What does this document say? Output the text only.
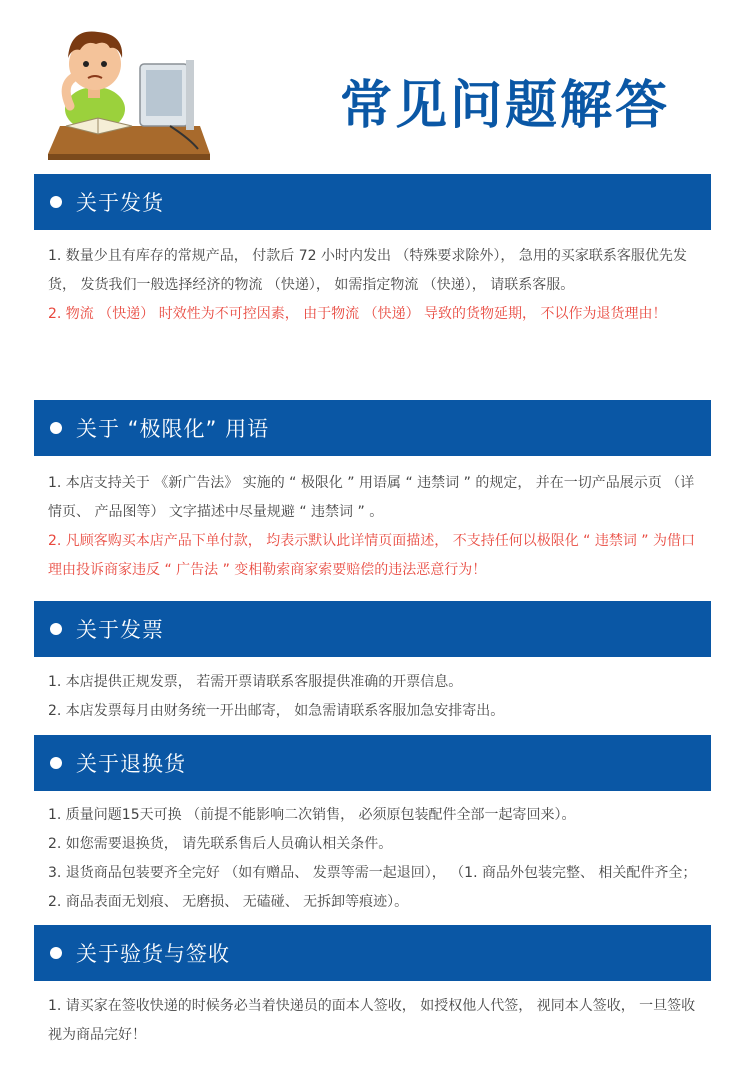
常见问题解答
关于发货

1. 数量少且有库存的常规产品， 付款后 72 小时内发出 （特殊要求除外）， 急用的买家联系客服优先发货， 发货我们一般选择经济的物流 （快递）， 如需指定物流 （快递）， 请联系客服。

2. 物流 （快递） 时效性为不可控因素， 由于物流 （快递） 导致的货物延期， 不以作为退货理由！

关于 “极限化” 用语

1. 本店支持关于 《新广告法》 实施的 “ 极限化 ” 用语属 “ 违禁词 ” 的规定， 并在一切产品展示页 （详情页、 产品图等） 文字描述中尽量规避 “ 违禁词 ” 。

2. 凡顾客购买本店产品下单付款， 均表示默认此详情页面描述， 不支持任何以极限化 “ 违禁词 ” 为借口理由投诉商家违反 “ 广告法 ” 变相勒索商家索要赔偿的违法恶意行为！

关于发票

1. 本店提供正规发票， 若需开票请联系客服提供准确的开票信息。

2. 本店发票每月由财务统一开出邮寄， 如急需请联系客服加急安排寄出。

关于退换货

1. 质量问题15天可换 （前提不能影响二次销售， 必须原包装配件全部一起寄回来）。

2. 如您需要退换货， 请先联系售后人员确认相关条件。

3. 退货商品包装要齐全完好 （如有赠品、 发票等需一起退回）， （1. 商品外包装完整、 相关配件齐全； 2. 商品表面无划痕、 无磨损、 无磕碰、 无拆卸等痕迹）。

关于验货与签收

1. 请买家在签收快递的时候务必当着快递员的面本人签收， 如授权他人代签， 视同本人签收， 一旦签收视为商品完好！
